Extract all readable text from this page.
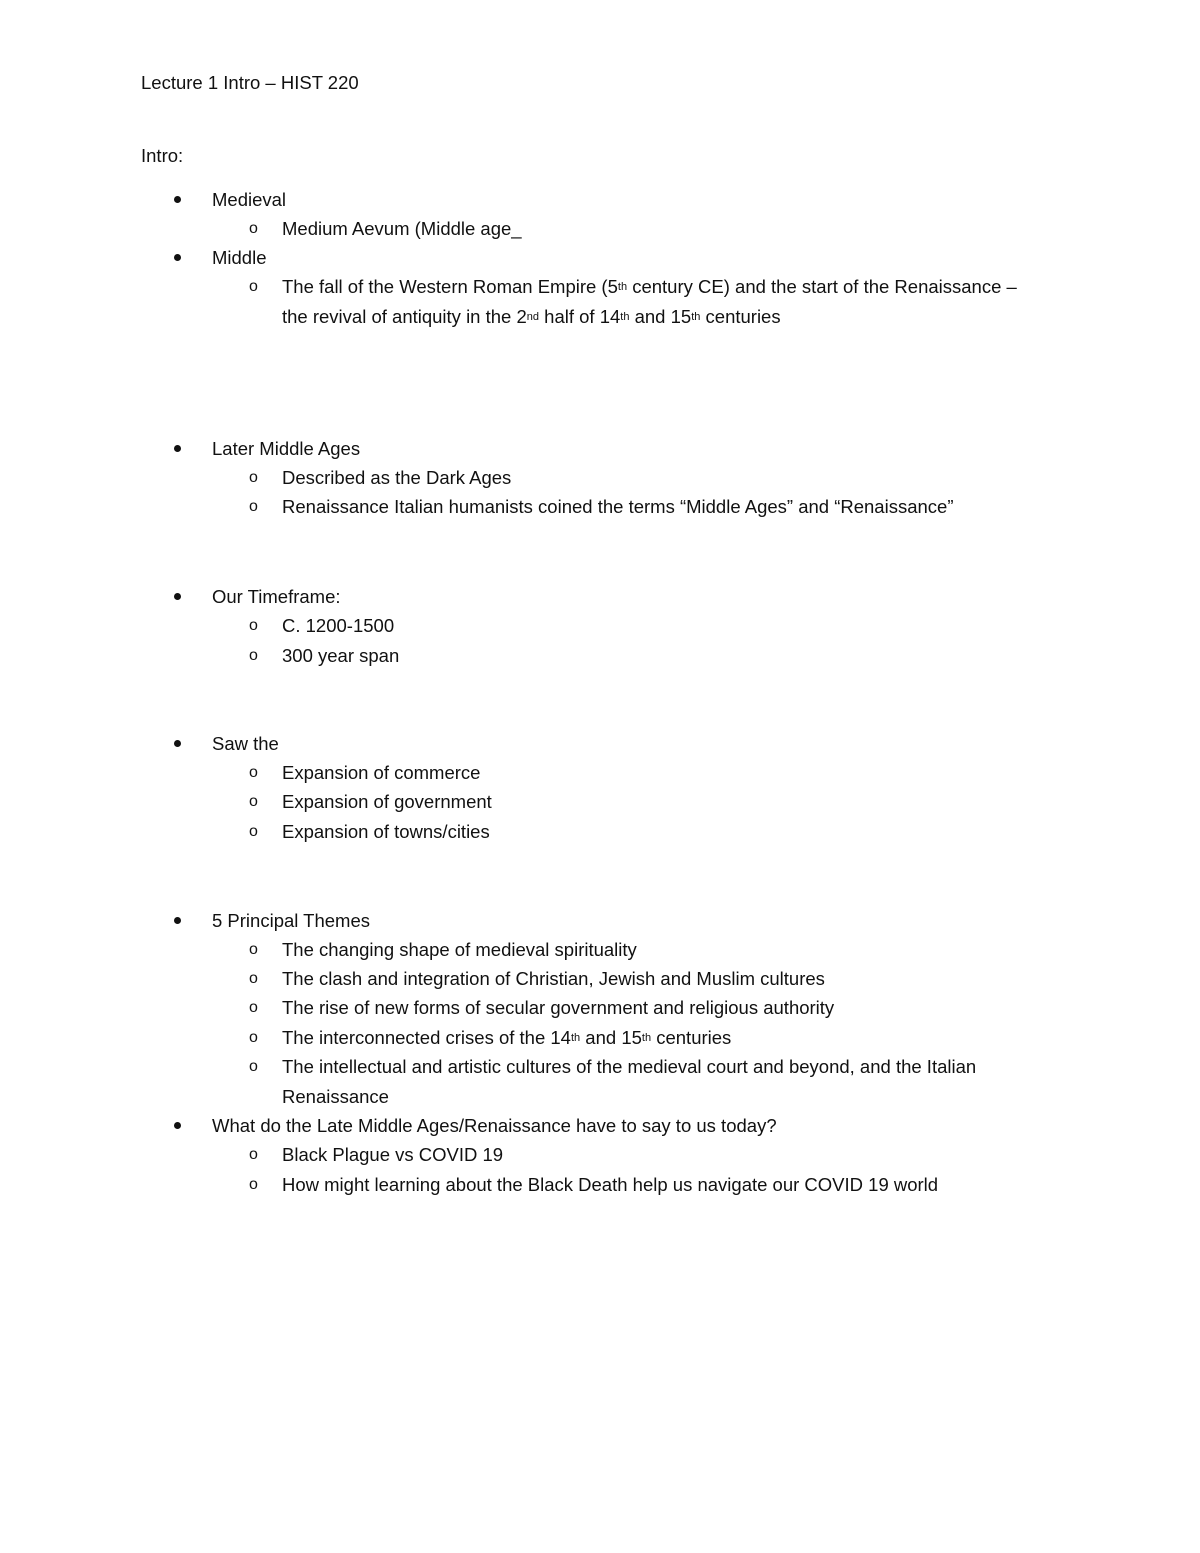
Lecture 1 Intro – HIST 220
Intro:
Medieval
o Medium Aevum (Middle age_
Middle
o The fall of the Western Roman Empire (5th century CE) and the start of the Renaissance –
the revival of antiquity in the 2nd half of 14th and 15th centuries
Later Middle Ages
o Described as the Dark Ages
o Renaissance Italian humanists coined the terms “Middle Ages” and “Renaissance”
Our Timeframe:
o C. 1200-1500
o 300 year span
Saw the
o Expansion of commerce
o Expansion of government
o Expansion of towns/cities
5 Principal Themes
o The changing shape of medieval spirituality
o The clash and integration of Christian, Jewish and Muslim cultures
o The rise of new forms of secular government and religious authority
o The interconnected crises of the 14th and 15th centuries
o The intellectual and artistic cultures of the medieval court and beyond, and the Italian
Renaissance
What do the Late Middle Ages/Renaissance have to say to us today?
o Black Plague vs COVID 19
o How might learning about the Black Death help us navigate our COVID 19 world
